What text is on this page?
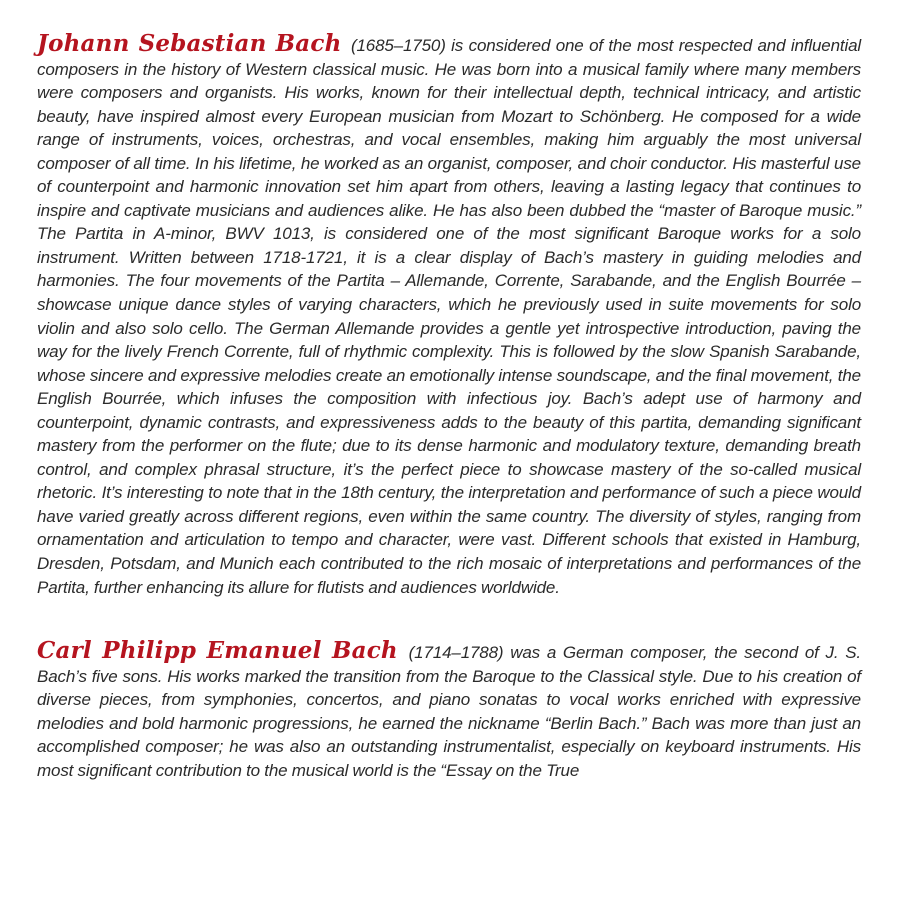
Johann Sebastian Bach (1685–1750) is considered one of the most respected and influential composers in the history of Western classical music. He was born into a musical family where many members were composers and organists. His works, known for their intellectual depth, technical intricacy, and artistic beauty, have inspired almost every European musician from Mozart to Schönberg. He composed for a wide range of instruments, voices, orchestras, and vocal ensembles, making him arguably the most universal composer of all time. In his lifetime, he worked as an organist, composer, and choir conductor. His masterful use of counterpoint and harmonic innovation set him apart from others, leaving a lasting legacy that continues to inspire and captivate musicians and audiences alike. He has also been dubbed the “master of Baroque music.” The Partita in A-minor, BWV 1013, is considered one of the most significant Baroque works for a solo instrument. Written between 1718-1721, it is a clear display of Bach’s mastery in guiding melodies and harmonies. The four movements of the Partita – Allemande, Corrente, Sarabande, and the English Bourrée – showcase unique dance styles of varying characters, which he previously used in suite movements for solo violin and also solo cello. The German Allemande provides a gentle yet introspective introduction, paving the way for the lively French Corrente, full of rhythmic complexity. This is followed by the slow Spanish Sarabande, whose sincere and expressive melodies create an emotionally intense soundscape, and the final movement, the English Bourrée, which infuses the composition with infectious joy. Bach’s adept use of harmony and counterpoint, dynamic contrasts, and expressiveness adds to the beauty of this partita, demanding significant mastery from the performer on the flute; due to its dense harmonic and modulatory texture, demanding breath control, and complex phrasal structure, it’s the perfect piece to showcase mastery of the so-called musical rhetoric. It’s interesting to note that in the 18th century, the interpretation and performance of such a piece would have varied greatly across different regions, even within the same country. The diversity of styles, ranging from ornamentation and articulation to tempo and character, were vast. Different schools that existed in Hamburg, Dresden, Potsdam, and Munich each contributed to the rich mosaic of interpretations and performances of the Partita, further enhancing its allure for flutists and audiences worldwide.

Carl Philipp Emanuel Bach (1714–1788) was a German composer, the second of J. S. Bach’s five sons. His works marked the transition from the Baroque to the Classical style. Due to his creation of diverse pieces, from symphonies, concertos, and piano sonatas to vocal works enriched with expressive melodies and bold harmonic progressions, he earned the nickname “Berlin Bach.” Bach was more than just an accomplished composer; he was also an outstanding instrumentalist, especially on keyboard instruments. His most significant contribution to the musical world is the “Essay on the True
